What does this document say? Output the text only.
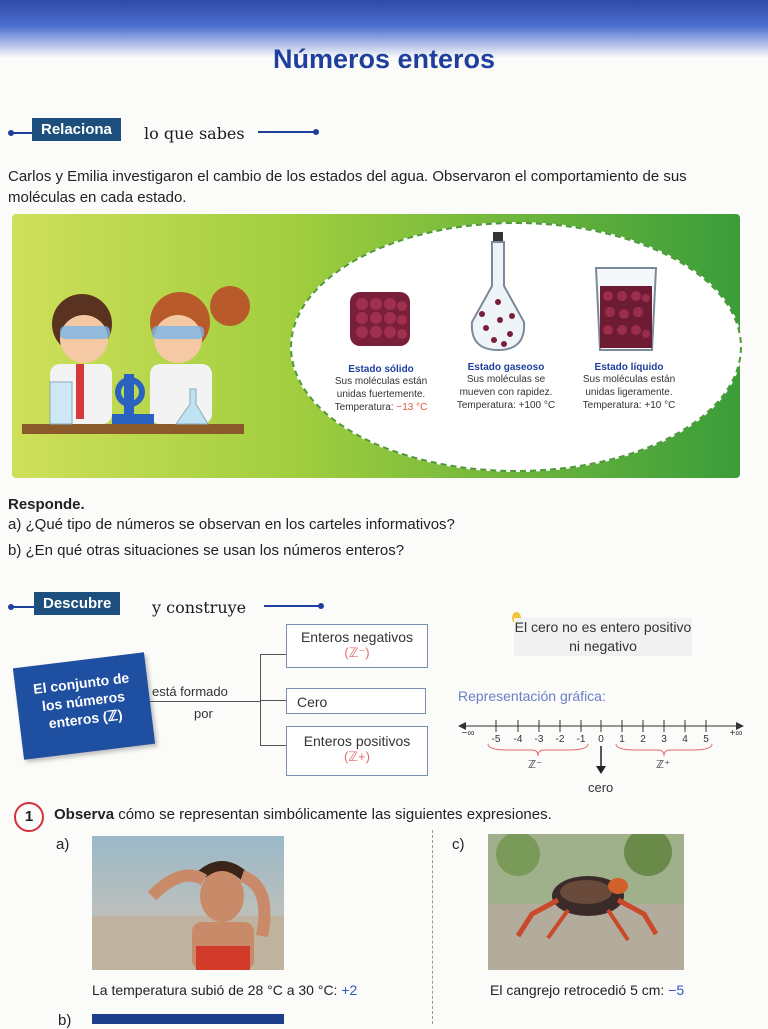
Números enteros
Relaciona	lo que sabes
Carlos y Emilia investigaron el cambio de los estados del agua. Observaron el comportamiento de sus moléculas en cada estado.
Estado sólido
Sus moléculas están
unidas fuertemente.
Temperatura: −13 °C
Estado gaseoso
Sus moléculas se
mueven con rapidez.
Temperatura: +100 °C
Estado líquido
Sus moléculas están
unidas ligeramente.
Temperatura: +10 °C
Responde.
a) ¿Qué tipo de números se observan en los carteles informativos?
b) ¿En qué otras situaciones se usan los números enteros?
Descubre	y construye
El conjunto de los números enteros (ℤ)
está formado
por
Enteros negativos
(ℤ⁻)
Cero
Enteros positivos
(ℤ+)
El cero no es entero positivo ni negativo
Representación gráfica:
−∞	+∞
-5	-4	-3	-2	-1	0	1	2	3	4	5
ℤ⁻	ℤ⁺
cero
1	Observa cómo se representan simbólicamente las siguientes expresiones.
a)
La temperatura subió de 28 °C a 30 °C: +2
b)
c)
El cangrejo retrocedió 5 cm: −5
